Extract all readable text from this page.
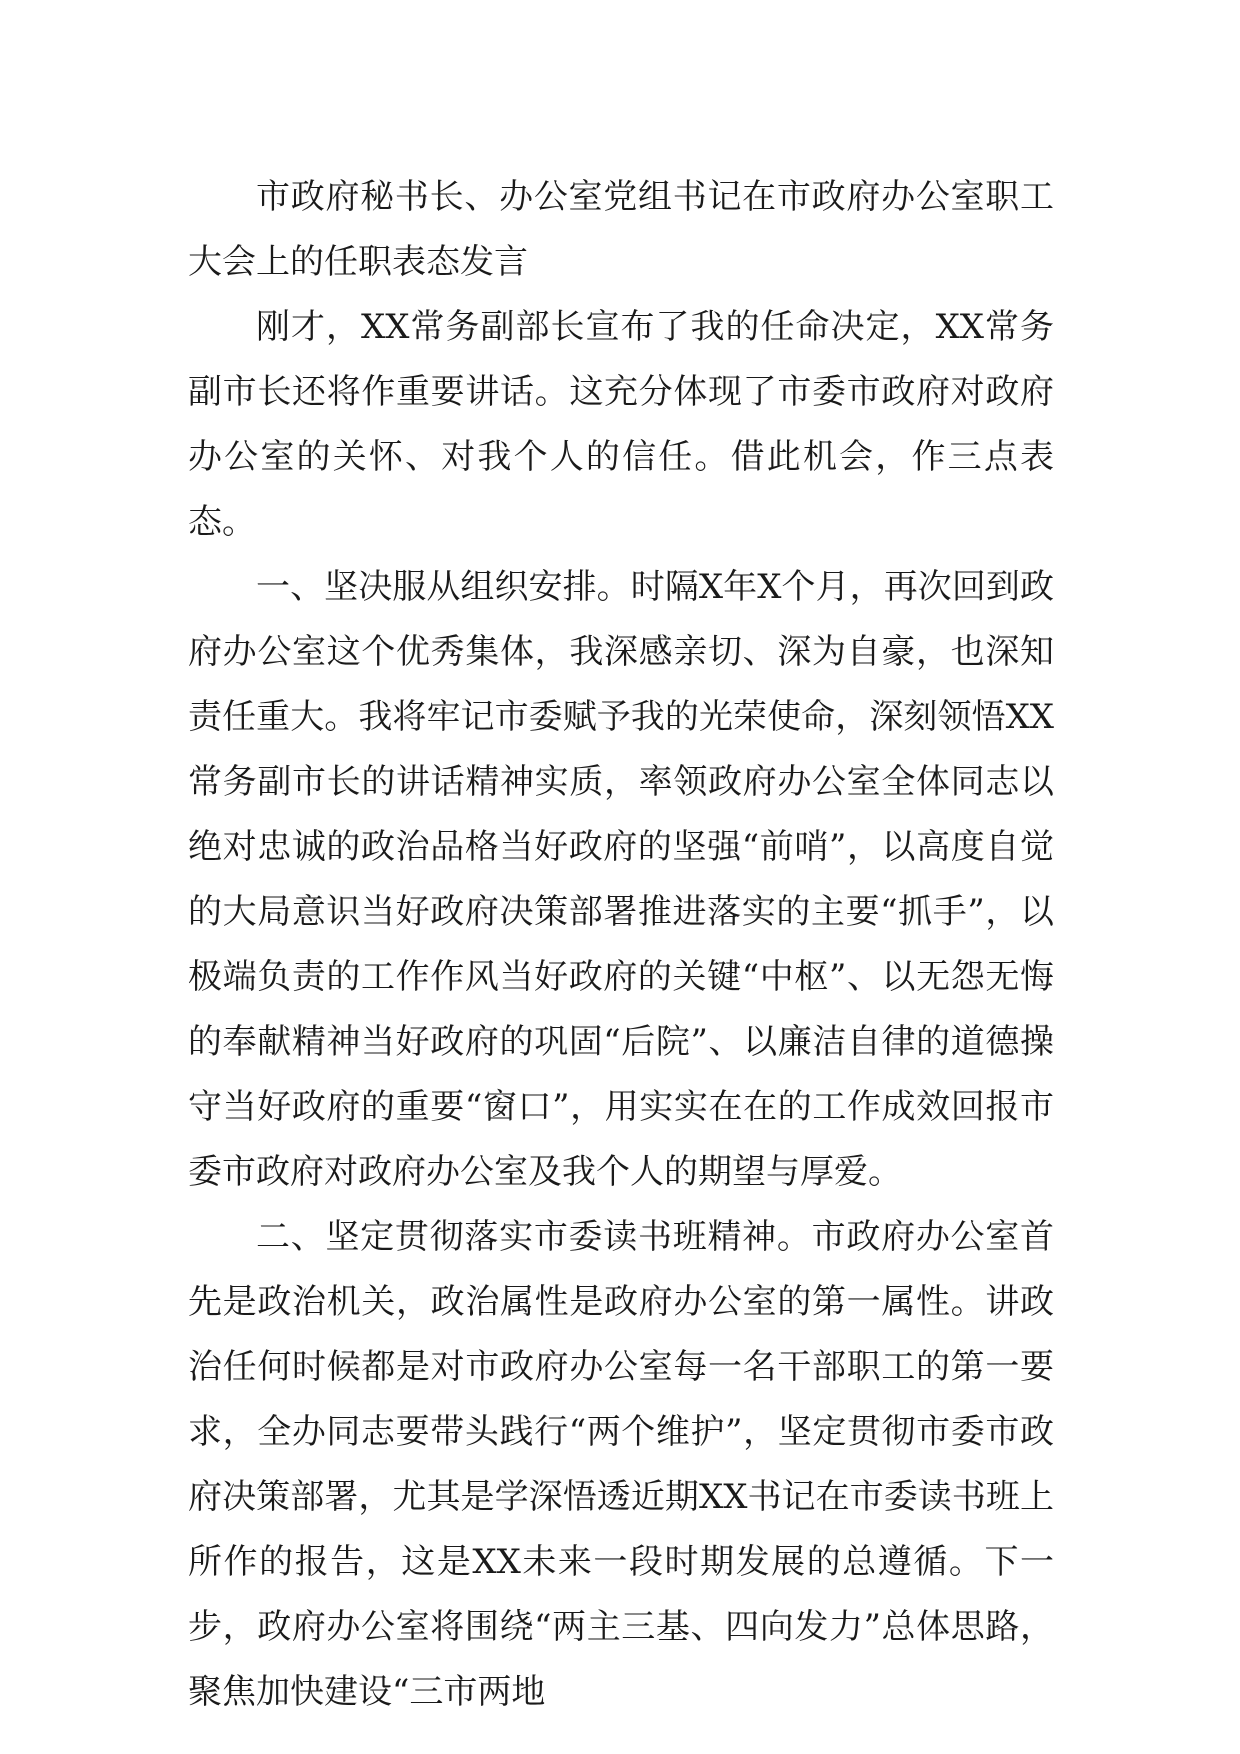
市政府秘书长、办公室党组书记在市政府办公室职工大会上的任职表态发言

刚才，XX常务副部长宣布了我的任命决定，XX常务副市长还将作重要讲话。这充分体现了市委市政府对政府办公室的关怀、对我个人的信任。借此机会，作三点表态。

一、坚决服从组织安排。时隔X年X个月，再次回到政府办公室这个优秀集体，我深感亲切、深为自豪，也深知责任重大。我将牢记市委赋予我的光荣使命，深刻领悟XX常务副市长的讲话精神实质，率领政府办公室全体同志以绝对忠诚的政治品格当好政府的坚强“前哨”，以高度自觉的大局意识当好政府决策部署推进落实的主要“抓手”，以极端负责的工作作风当好政府的关键“中枢”、以无怨无悔的奉献精神当好政府的巩固“后院”、以廉洁自律的道德操守当好政府的重要“窗口”，用实实在在的工作成效回报市委市政府对政府办公室及我个人的期望与厚爱。

二、坚定贯彻落实市委读书班精神。市政府办公室首先是政治机关，政治属性是政府办公室的第一属性。讲政治任何时候都是对市政府办公室每一名干部职工的第一要求，全办同志要带头践行“两个维护”，坚定贯彻市委市政府决策部署，尤其是学深悟透近期XX书记在市委读书班上所作的报告，这是XX未来一段时期发展的总遵循。下一步，政府办公室将围绕“两主三基、四向发力”总体思路，聚焦加快建设“三市两地
